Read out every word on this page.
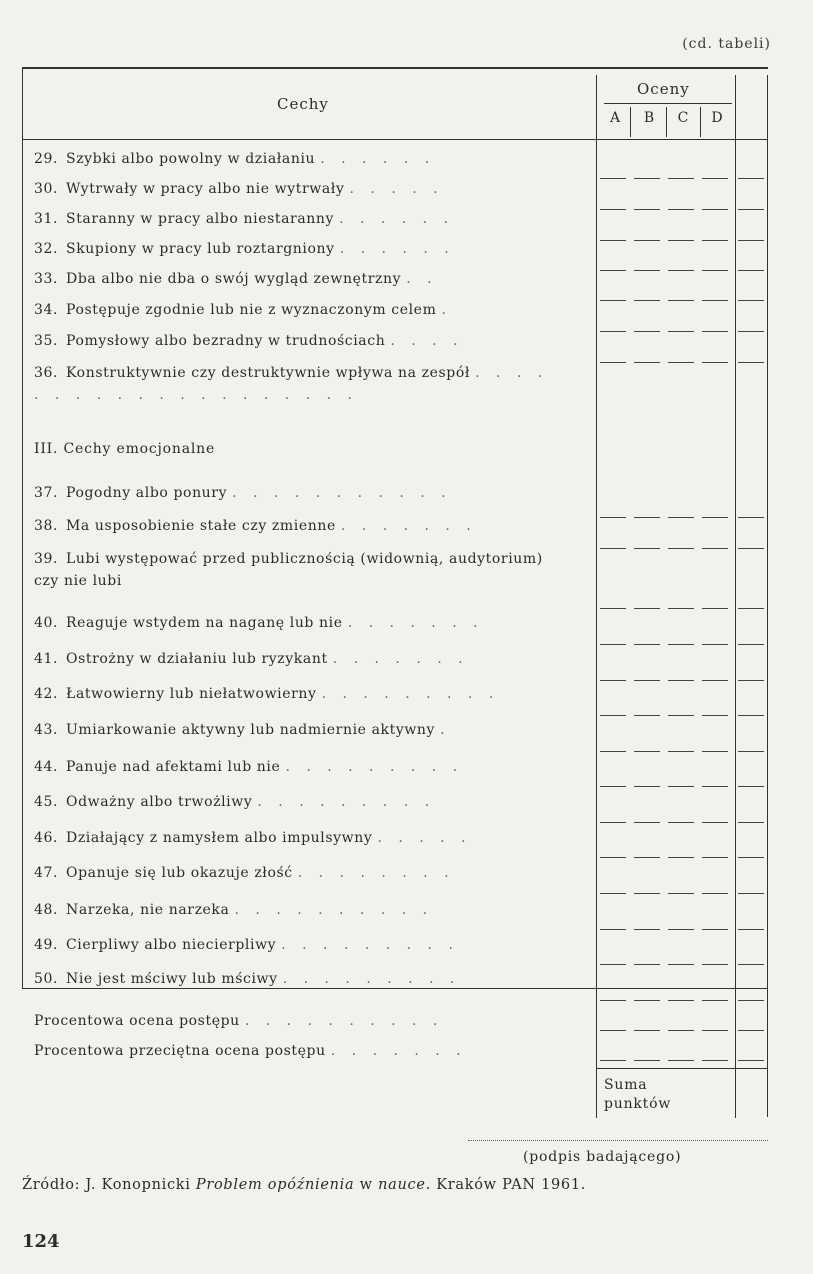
(cd. tabeli)
Cechy
Oceny
A	B	C	D
29. Szybki albo powolny w działaniu . . . . . .
30. Wytrwały w pracy albo nie wytrwały . . . . .
31. Staranny w pracy albo niestaranny . . . . . .
32. Skupiony w pracy lub roztargniony . . . . . .
33. Dba albo nie dba o swój wygląd zewnętrzny . .
34. Postępuje zgodnie lub nie z wyznaczonym celem .
35. Pomysłowy albo bezradny w trudnościach . . . .
36. Konstruktywnie czy destruktywnie wpływa na zespół . . . . . . . . . . . . . . . . . . . .
III. Cechy emocjonalne
37. Pogodny albo ponury . . . . . . . . . . .
38. Ma usposobienie stałe czy zmienne . . . . . . .
39. Lubi występować przed publicznością (widownią, audytorium) czy nie lubi
40. Reaguje wstydem na naganę lub nie . . . . . . .
41. Ostrożny w działaniu lub ryzykant . . . . . . .
42. Łatwowierny lub niełatwowierny . . . . . . . . .
43. Umiarkowanie aktywny lub nadmiernie aktywny .
44. Panuje nad afektami lub nie . . . . . . . . .
45. Odważny albo trwożliwy . . . . . . . . .
46. Działający z namysłem albo impulsywny . . . . .
47. Opanuje się lub okazuje złość . . . . . . . .
48. Narzeka, nie narzeka . . . . . . . . . .
49. Cierpliwy albo niecierpliwy . . . . . . . . .
50. Nie jest mściwy lub mściwy . . . . . . . . .
Procentowa ocena postępu . . . . . . . . . .
Procentowa przeciętna ocena postępu . . . . . . .
Suma
punktów
(podpis badającego)
Źródło: J. Konopnicki Problem opóźnienia w nauce. Kraków PAN 1961.
124
